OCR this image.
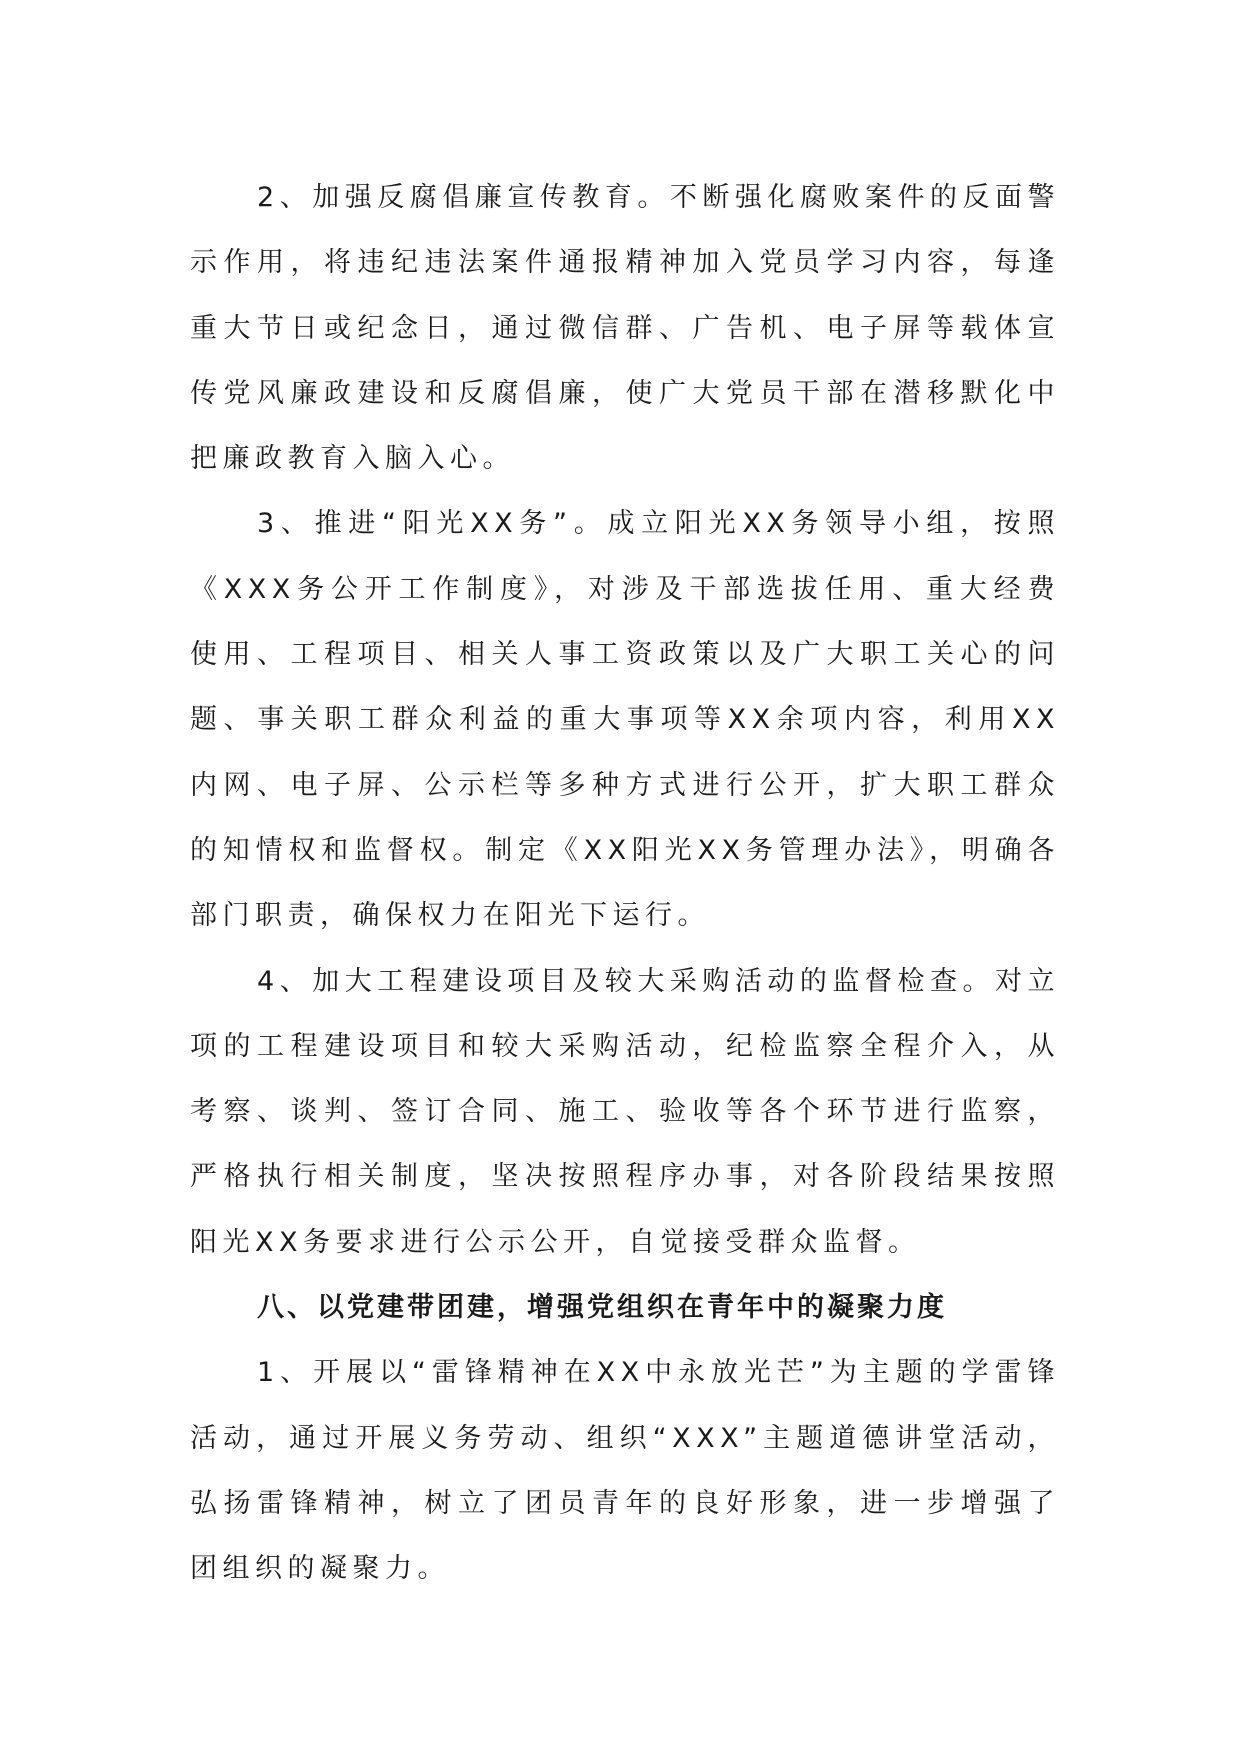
2、加强反腐倡廉宣传教育。不断强化腐败案件的反面警示作用，将违纪违法案件通报精神加入党员学习内容，每逢重大节日或纪念日，通过微信群、广告机、电子屏等载体宣传党风廉政建设和反腐倡廉，使广大党员干部在潜移默化中把廉政教育入脑入心。

3、推进“阳光XX务”。成立阳光XX务领导小组，按照《XXX务公开工作制度》，对涉及干部选拔任用、重大经费使用、工程项目、相关人事工资政策以及广大职工关心的问题、事关职工群众利益的重大事项等XX余项内容，利用XX内网、电子屏、公示栏等多种方式进行公开，扩大职工群众的知情权和监督权。制定《XX阳光XX务管理办法》，明确各部门职责，确保权力在阳光下运行。

4、加大工程建设项目及较大采购活动的监督检查。对立项的工程建设项目和较大采购活动，纪检监察全程介入，从考察、谈判、签订合同、施工、验收等各个环节进行监察，严格执行相关制度，坚决按照程序办事，对各阶段结果按照阳光XX务要求进行公示公开，自觉接受群众监督。

八、以党建带团建，增强党组织在青年中的凝聚力度

1、开展以“雷锋精神在XX中永放光芒”为主题的学雷锋活动，通过开展义务劳动、组织“XXX”主题道德讲堂活动，弘扬雷锋精神，树立了团员青年的良好形象，进一步增强了团组织的凝聚力。
